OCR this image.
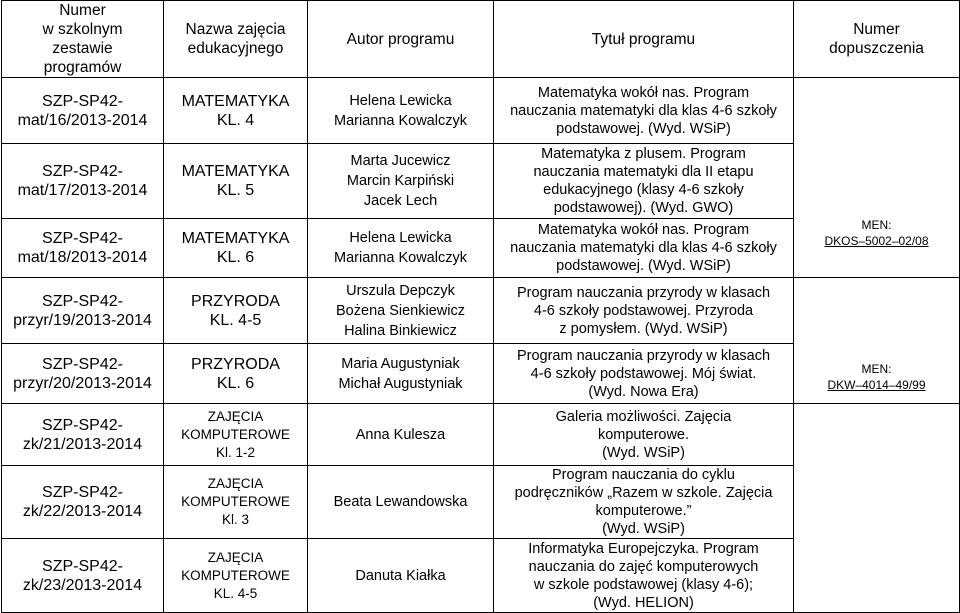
Numer
w szkolnym
zestawie
programów	Nazwa zajęcia
edukacyjnego	Autor programu	Tytuł programu	Numer
dopuszczenia

SZP-SP42-
mat/16/2013-2014	MATEMATYKA
KL. 4	Helena Lewicka
Marianna Kowalczyk	Matematyka wokół nas. Program
nauczania matematyki dla klas 4-6 szkoły
podstawowej. (Wyd. WSiP)	MEN:
DKOS–5002–02/08

SZP-SP42-
mat/17/2013-2014	MATEMATYKA
KL. 5	Marta Jucewicz
Marcin Karpiński
Jacek Lech	Matematyka z plusem. Program
nauczania matematyki dla II etapu
edukacyjnego (klasy 4-6 szkoły
podstawowej). (Wyd. GWO)	

SZP-SP42-
mat/18/2013-2014	MATEMATYKA
KL. 6	Helena Lewicka
Marianna Kowalczyk	Matematyka wokół nas. Program
nauczania matematyki dla klas 4-6 szkoły
podstawowej. (Wyd. WSiP)	

SZP-SP42-
przyr/19/2013-2014	PRZYRODA
KL. 4-5	Urszula Depczyk
Bożena Sienkiewicz
Halina Binkiewicz	Program nauczania przyrody w klasach
4-6 szkoły podstawowej. Przyroda
z pomysłem. (Wyd. WSiP)	MEN:
DKW–4014–49/99

SZP-SP42-
przyr/20/2013-2014	PRZYRODA
KL. 6	Maria Augustyniak
Michał Augustyniak	Program nauczania przyrody w klasach
4-6 szkoły podstawowej. Mój świat.
(Wyd. Nowa Era)	

SZP-SP42-
zk/21/2013-2014	ZAJĘCIA
KOMPUTEROWE
Kl. 1-2	Anna Kulesza	Galeria możliwości. Zajęcia
komputerowe.
(Wyd. WSiP)	

SZP-SP42-
zk/22/2013-2014	ZAJĘCIA
KOMPUTEROWE
Kl. 3	Beata Lewandowska	Program nauczania do cyklu
podręczników „Razem w szkole. Zajęcia
komputerowe.”
(Wyd. WSiP)	

SZP-SP42-
zk/23/2013-2014	ZAJĘCIA
KOMPUTEROWE
KL. 4-5	Danuta Kiałka	Informatyka Europejczyka. Program
nauczania do zajęć komputerowych
w szkole podstawowej (klasy 4-6);
(Wyd. HELION)	
